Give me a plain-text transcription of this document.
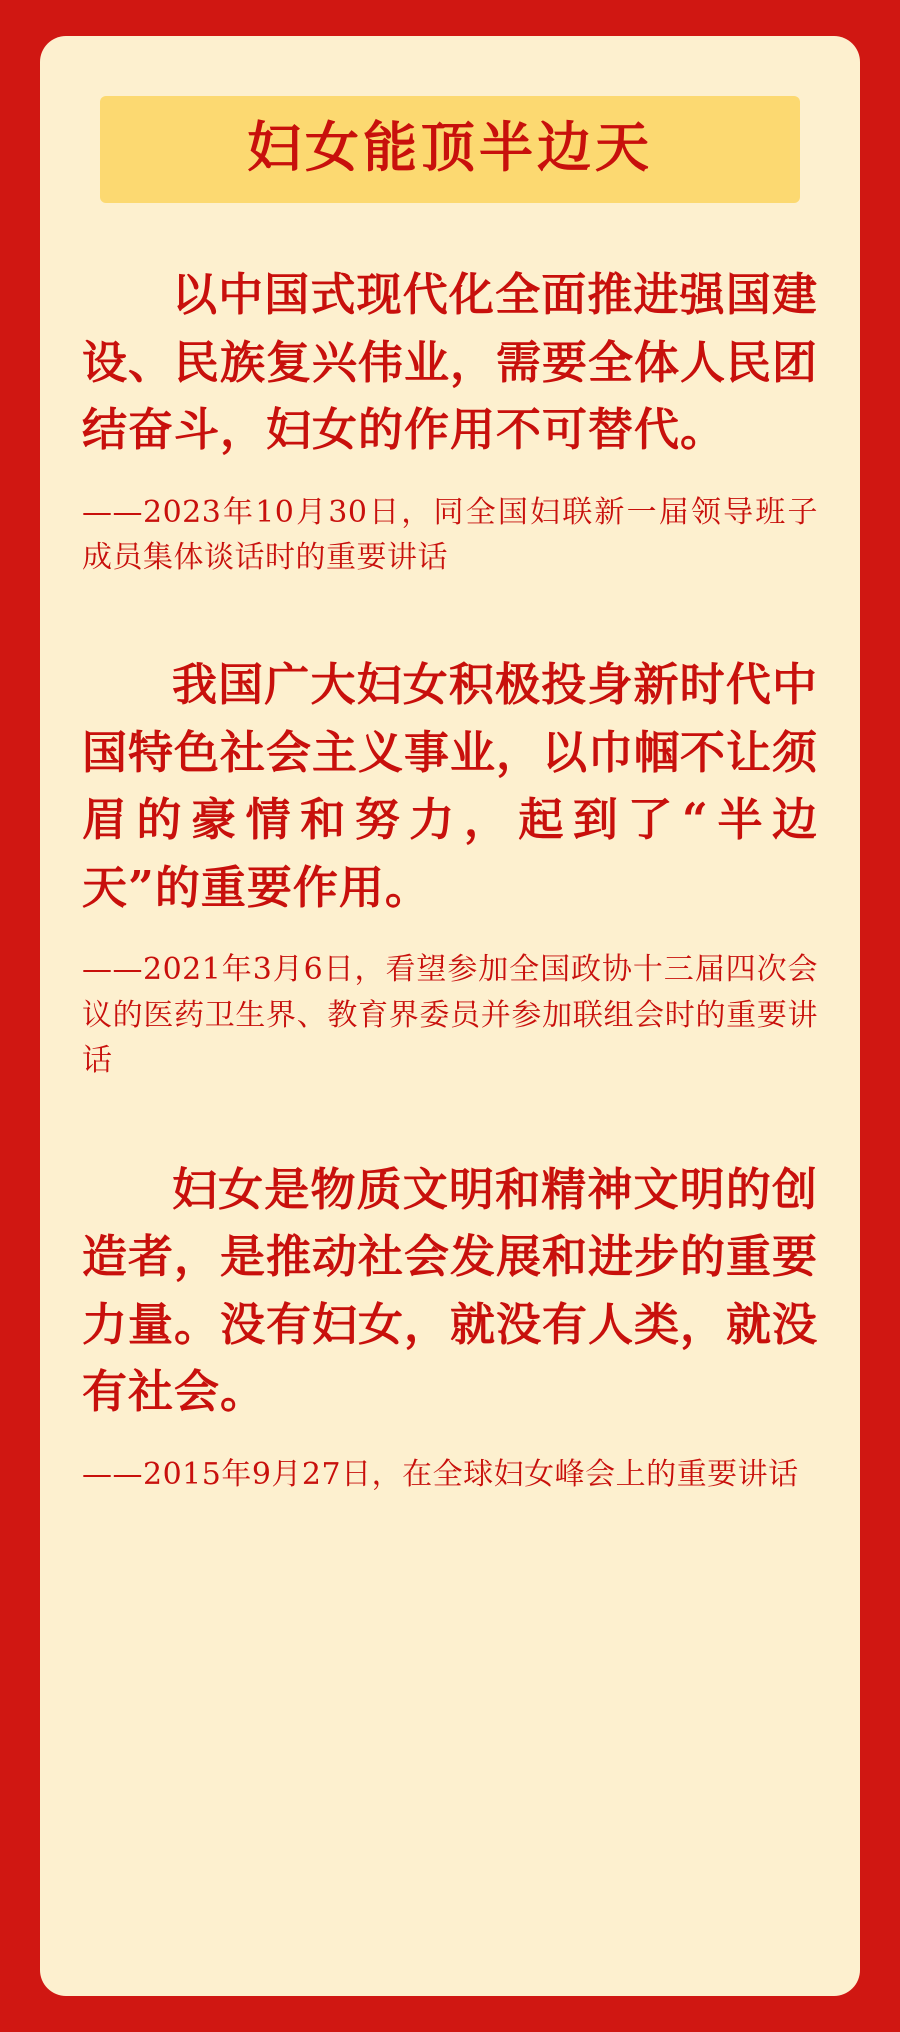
妇女能顶半边天
以中国式现代化全面推进强国建设、民族复兴伟业，需要全体人民团结奋斗，妇女的作用不可替代。
——2023年10月30日，同全国妇联新一届领导班子成员集体谈话时的重要讲话
我国广大妇女积极投身新时代中国特色社会主义事业，以巾帼不让须眉的豪情和努力，起到了“半边天”的重要作用。
——2021年3月6日，看望参加全国政协十三届四次会议的医药卫生界、教育界委员并参加联组会时的重要讲话
妇女是物质文明和精神文明的创造者，是推动社会发展和进步的重要力量。没有妇女，就没有人类，就没有社会。
——2015年9月27日，在全球妇女峰会上的重要讲话
